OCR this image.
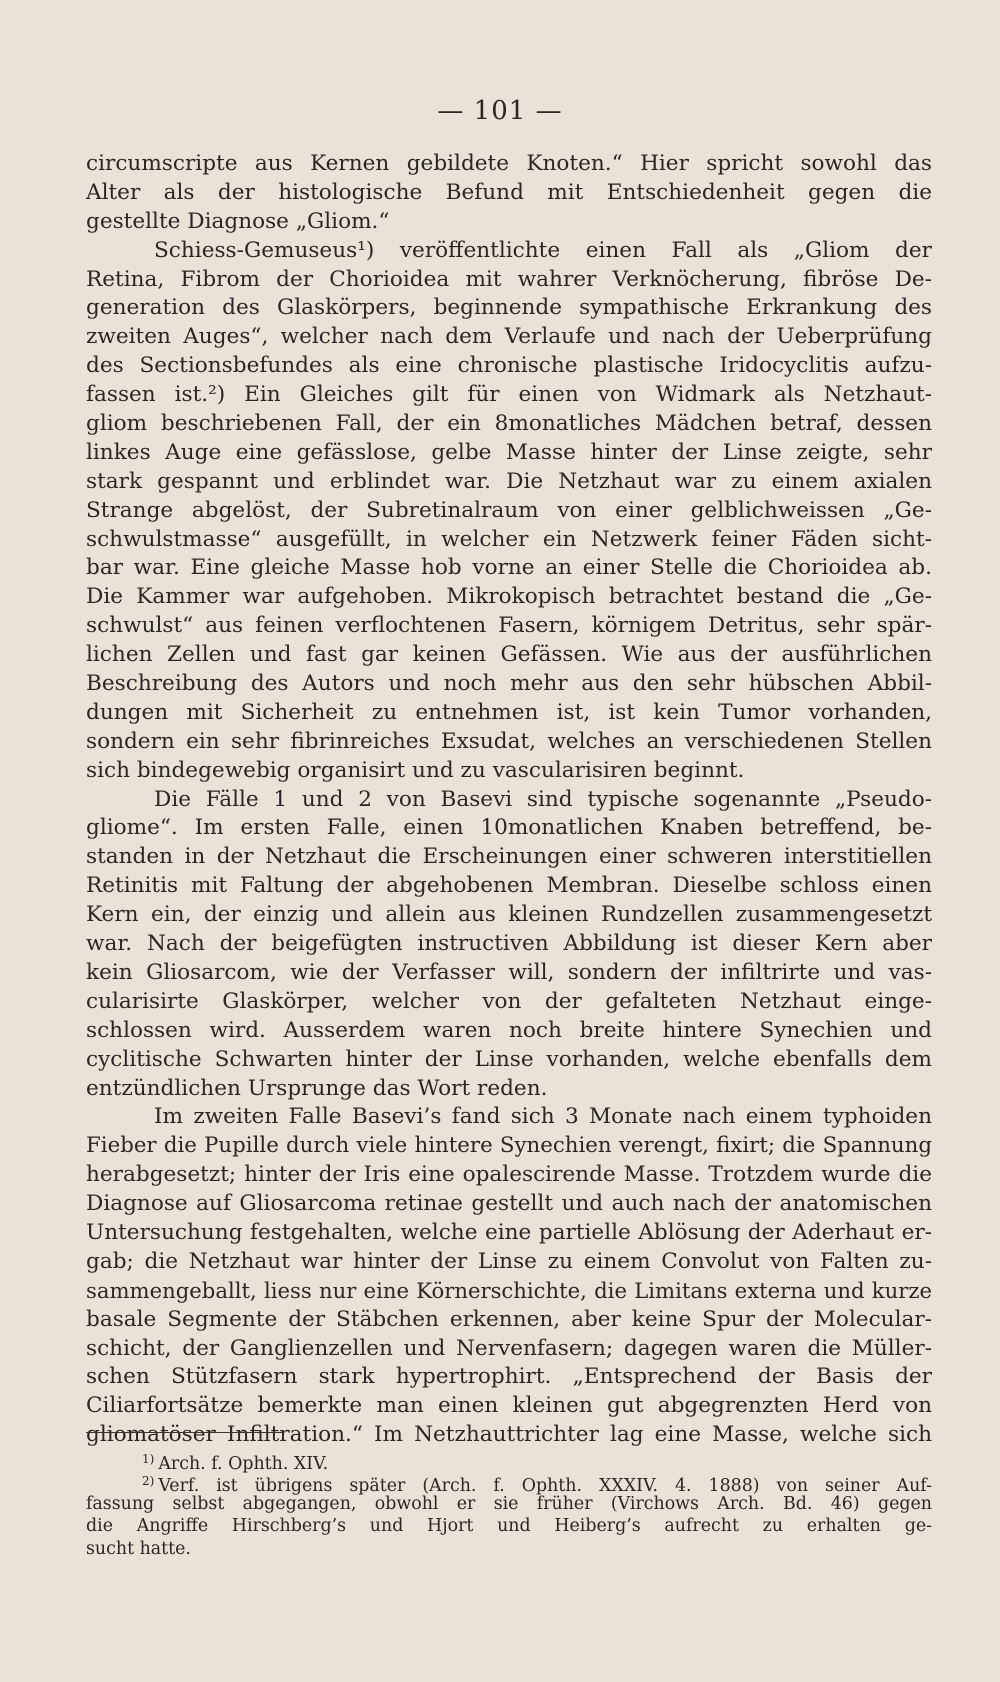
— 101 —
circumscripte aus Kernen gebildete Knoten.“ Hier spricht sowohl das
Alter als der histologische Befund mit Entschiedenheit gegen die
gestellte Diagnose „Gliom.“
Schiess-Gemuseus¹) veröffentlichte einen Fall als „Gliom der
Retina, Fibrom der Chorioidea mit wahrer Verknöcherung, fibröse De-
generation des Glaskörpers, beginnende sympathische Erkrankung des
zweiten Auges“, welcher nach dem Verlaufe und nach der Ueberprüfung
des Sectionsbefundes als eine chronische plastische Iridocyclitis aufzu-
fassen ist.²) Ein Gleiches gilt für einen von Widmark als Netzhaut-
gliom beschriebenen Fall, der ein 8monatliches Mädchen betraf, dessen
linkes Auge eine gefässlose, gelbe Masse hinter der Linse zeigte, sehr
stark gespannt und erblindet war. Die Netzhaut war zu einem axialen
Strange abgelöst, der Subretinalraum von einer gelblichweissen „Ge-
schwulstmasse“ ausgefüllt, in welcher ein Netzwerk feiner Fäden sicht-
bar war. Eine gleiche Masse hob vorne an einer Stelle die Chorioidea ab.
Die Kammer war aufgehoben. Mikrokopisch betrachtet bestand die „Ge-
schwulst“ aus feinen verflochtenen Fasern, körnigem Detritus, sehr spär-
lichen Zellen und fast gar keinen Gefässen. Wie aus der ausführlichen
Beschreibung des Autors und noch mehr aus den sehr hübschen Abbil-
dungen mit Sicherheit zu entnehmen ist, ist kein Tumor vorhanden,
sondern ein sehr fibrinreiches Exsudat, welches an verschiedenen Stellen
sich bindegewebig organisirt und zu vascularisiren beginnt.
Die Fälle 1 und 2 von Basevi sind typische sogenannte „Pseudo-
gliome“. Im ersten Falle, einen 10monatlichen Knaben betreffend, be-
standen in der Netzhaut die Erscheinungen einer schweren interstitiellen
Retinitis mit Faltung der abgehobenen Membran. Dieselbe schloss einen
Kern ein, der einzig und allein aus kleinen Rundzellen zusammengesetzt
war. Nach der beigefügten instructiven Abbildung ist dieser Kern aber
kein Gliosarcom, wie der Verfasser will, sondern der infiltrirte und vas-
cularisirte Glaskörper, welcher von der gefalteten Netzhaut einge-
schlossen wird. Ausserdem waren noch breite hintere Synechien und
cyclitische Schwarten hinter der Linse vorhanden, welche ebenfalls dem
entzündlichen Ursprunge das Wort reden.
Im zweiten Falle Basevi’s fand sich 3 Monate nach einem typhoiden
Fieber die Pupille durch viele hintere Synechien verengt, fixirt; die Spannung
herabgesetzt; hinter der Iris eine opalescirende Masse. Trotzdem wurde die
Diagnose auf Gliosarcoma retinae gestellt und auch nach der anatomischen
Untersuchung festgehalten, welche eine partielle Ablösung der Aderhaut er-
gab; die Netzhaut war hinter der Linse zu einem Convolut von Falten zu-
sammengeballt, liess nur eine Körnerschichte, die Limitans externa und kurze
basale Segmente der Stäbchen erkennen, aber keine Spur der Molecular-
schicht, der Ganglienzellen und Nervenfasern; dagegen waren die Müller-
schen Stützfasern stark hypertrophirt. „Entsprechend der Basis der
Ciliarfortsätze bemerkte man einen kleinen gut abgegrenzten Herd von
gliomatöser Infiltration.“ Im Netzhauttrichter lag eine Masse, welche sich
$^{1)}$ Arch. f. Ophth. XIV.
$^{2)}$ Verf. ist übrigens später (Arch. f. Ophth. XXXIV. 4. 1888) von seiner Auf-
fassung selbst abgegangen, obwohl er sie früher (Virchows Arch. Bd. 46) gegen
die Angriffe Hirschberg’s und Hjort und Heiberg’s aufrecht zu erhalten ge-
sucht hatte.
